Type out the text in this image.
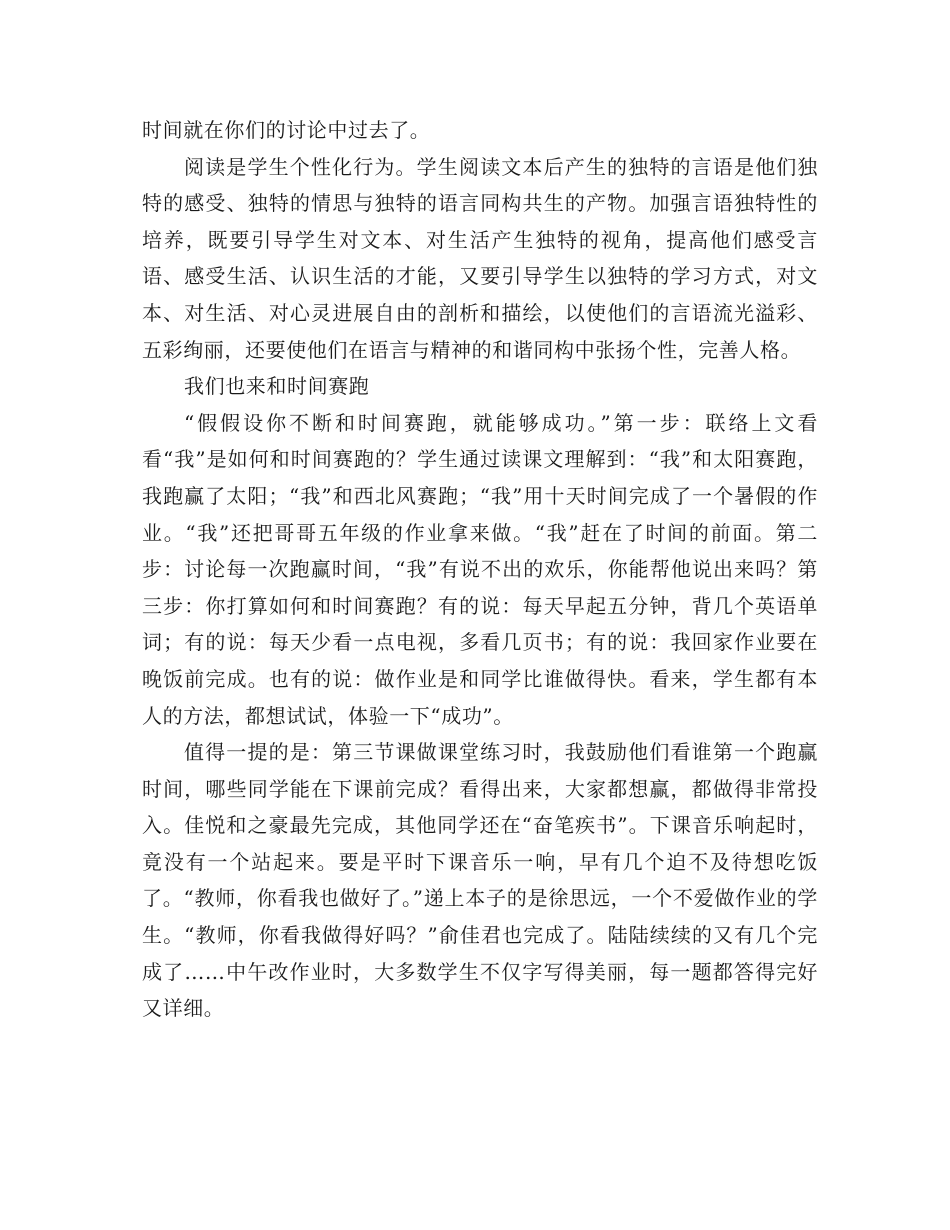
时间就在你们的讨论中过去了。

阅读是学生个性化行为。学生阅读文本后产生的独特的言语是他们独特的感受、独特的情思与独特的语言同构共生的产物。加强言语独特性的培养，既要引导学生对文本、对生活产生独特的视角，提高他们感受言语、感受生活、认识生活的才能，又要引导学生以独特的学习方式，对文本、对生活、对心灵进展自由的剖析和描绘，以使他们的言语流光溢彩、五彩绚丽，还要使他们在语言与精神的和谐同构中张扬个性，完善人格。

我们也来和时间赛跑

“假假设你不断和时间赛跑，就能够成功。”第一步：联络上文看看“我”是如何和时间赛跑的？学生通过读课文理解到：“我”和太阳赛跑，我跑赢了太阳；“我”和西北风赛跑；“我”用十天时间完成了一个暑假的作业。“我”还把哥哥五年级的作业拿来做。“我”赶在了时间的前面。第二步：讨论每一次跑赢时间，“我”有说不出的欢乐，你能帮他说出来吗？第三步：你打算如何和时间赛跑？有的说：每天早起五分钟，背几个英语单词；有的说：每天少看一点电视，多看几页书；有的说：我回家作业要在晚饭前完成。也有的说：做作业是和同学比谁做得快。看来，学生都有本人的方法，都想试试，体验一下“成功”。

值得一提的是：第三节课做课堂练习时，我鼓励他们看谁第一个跑赢时间，哪些同学能在下课前完成？看得出来，大家都想赢，都做得非常投入。佳悦和之豪最先完成，其他同学还在“奋笔疾书”。下课音乐响起时，竟没有一个站起来。要是平时下课音乐一响，早有几个迫不及待想吃饭了。“教师，你看我也做好了。”递上本子的是徐思远，一个不爱做作业的学生。“教师，你看我做得好吗？”俞佳君也完成了。陆陆续续的又有几个完成了……中午改作业时，大多数学生不仅字写得美丽，每一题都答得完好又详细。
